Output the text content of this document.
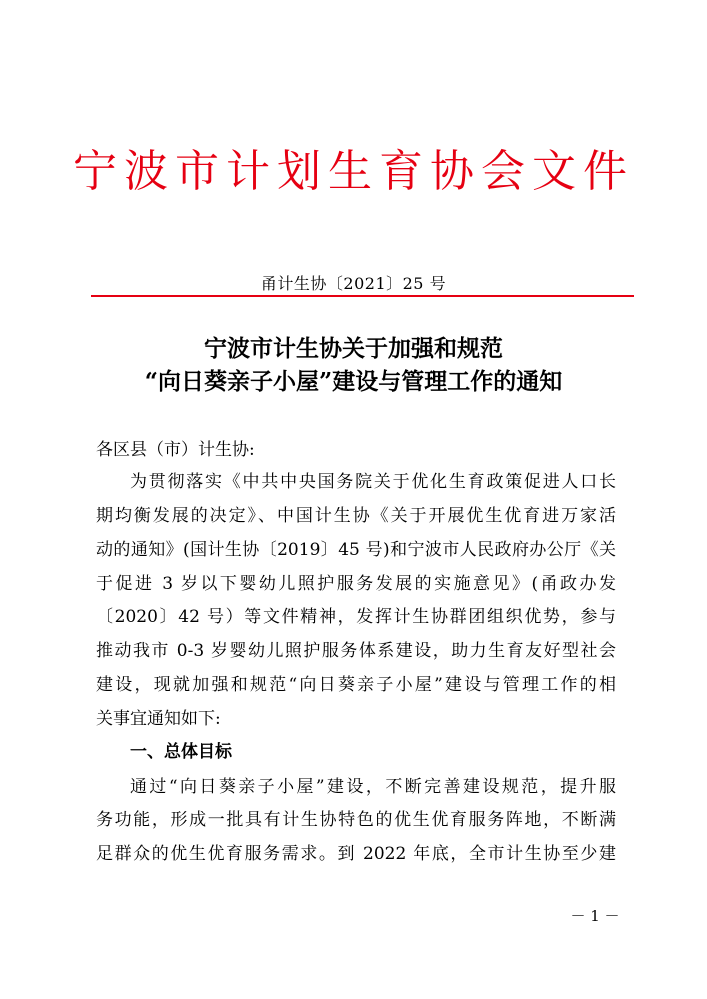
宁波市计划生育协会文件
甬计生协〔2021〕25 号
宁波市计生协关于加强和规范
“向日葵亲子小屋”建设与管理工作的通知
各区县（市）计生协:
为贯彻落实《中共中央国务院关于优化生育政策促进人口长
期均衡发展的决定》、中国计生协《关于开展优生优育进万家活
动的通知》(国计生协〔2019〕45 号)和宁波市人民政府办公厅《关
于促进 3 岁以下婴幼儿照护服务发展的实施意见》(甬政办发
〔2020〕42 号）等文件精神，发挥计生协群团组织优势，参与
推动我市 0-3 岁婴幼儿照护服务体系建设，助力生育友好型社会
建设，现就加强和规范“向日葵亲子小屋”建设与管理工作的相
关事宜通知如下:
一、总体目标
通过“向日葵亲子小屋”建设，不断完善建设规范，提升服
务功能，形成一批具有计生协特色的优生优育服务阵地，不断满
足群众的优生优育服务需求。到 2022 年底，全市计生协至少建
－ 1 －
